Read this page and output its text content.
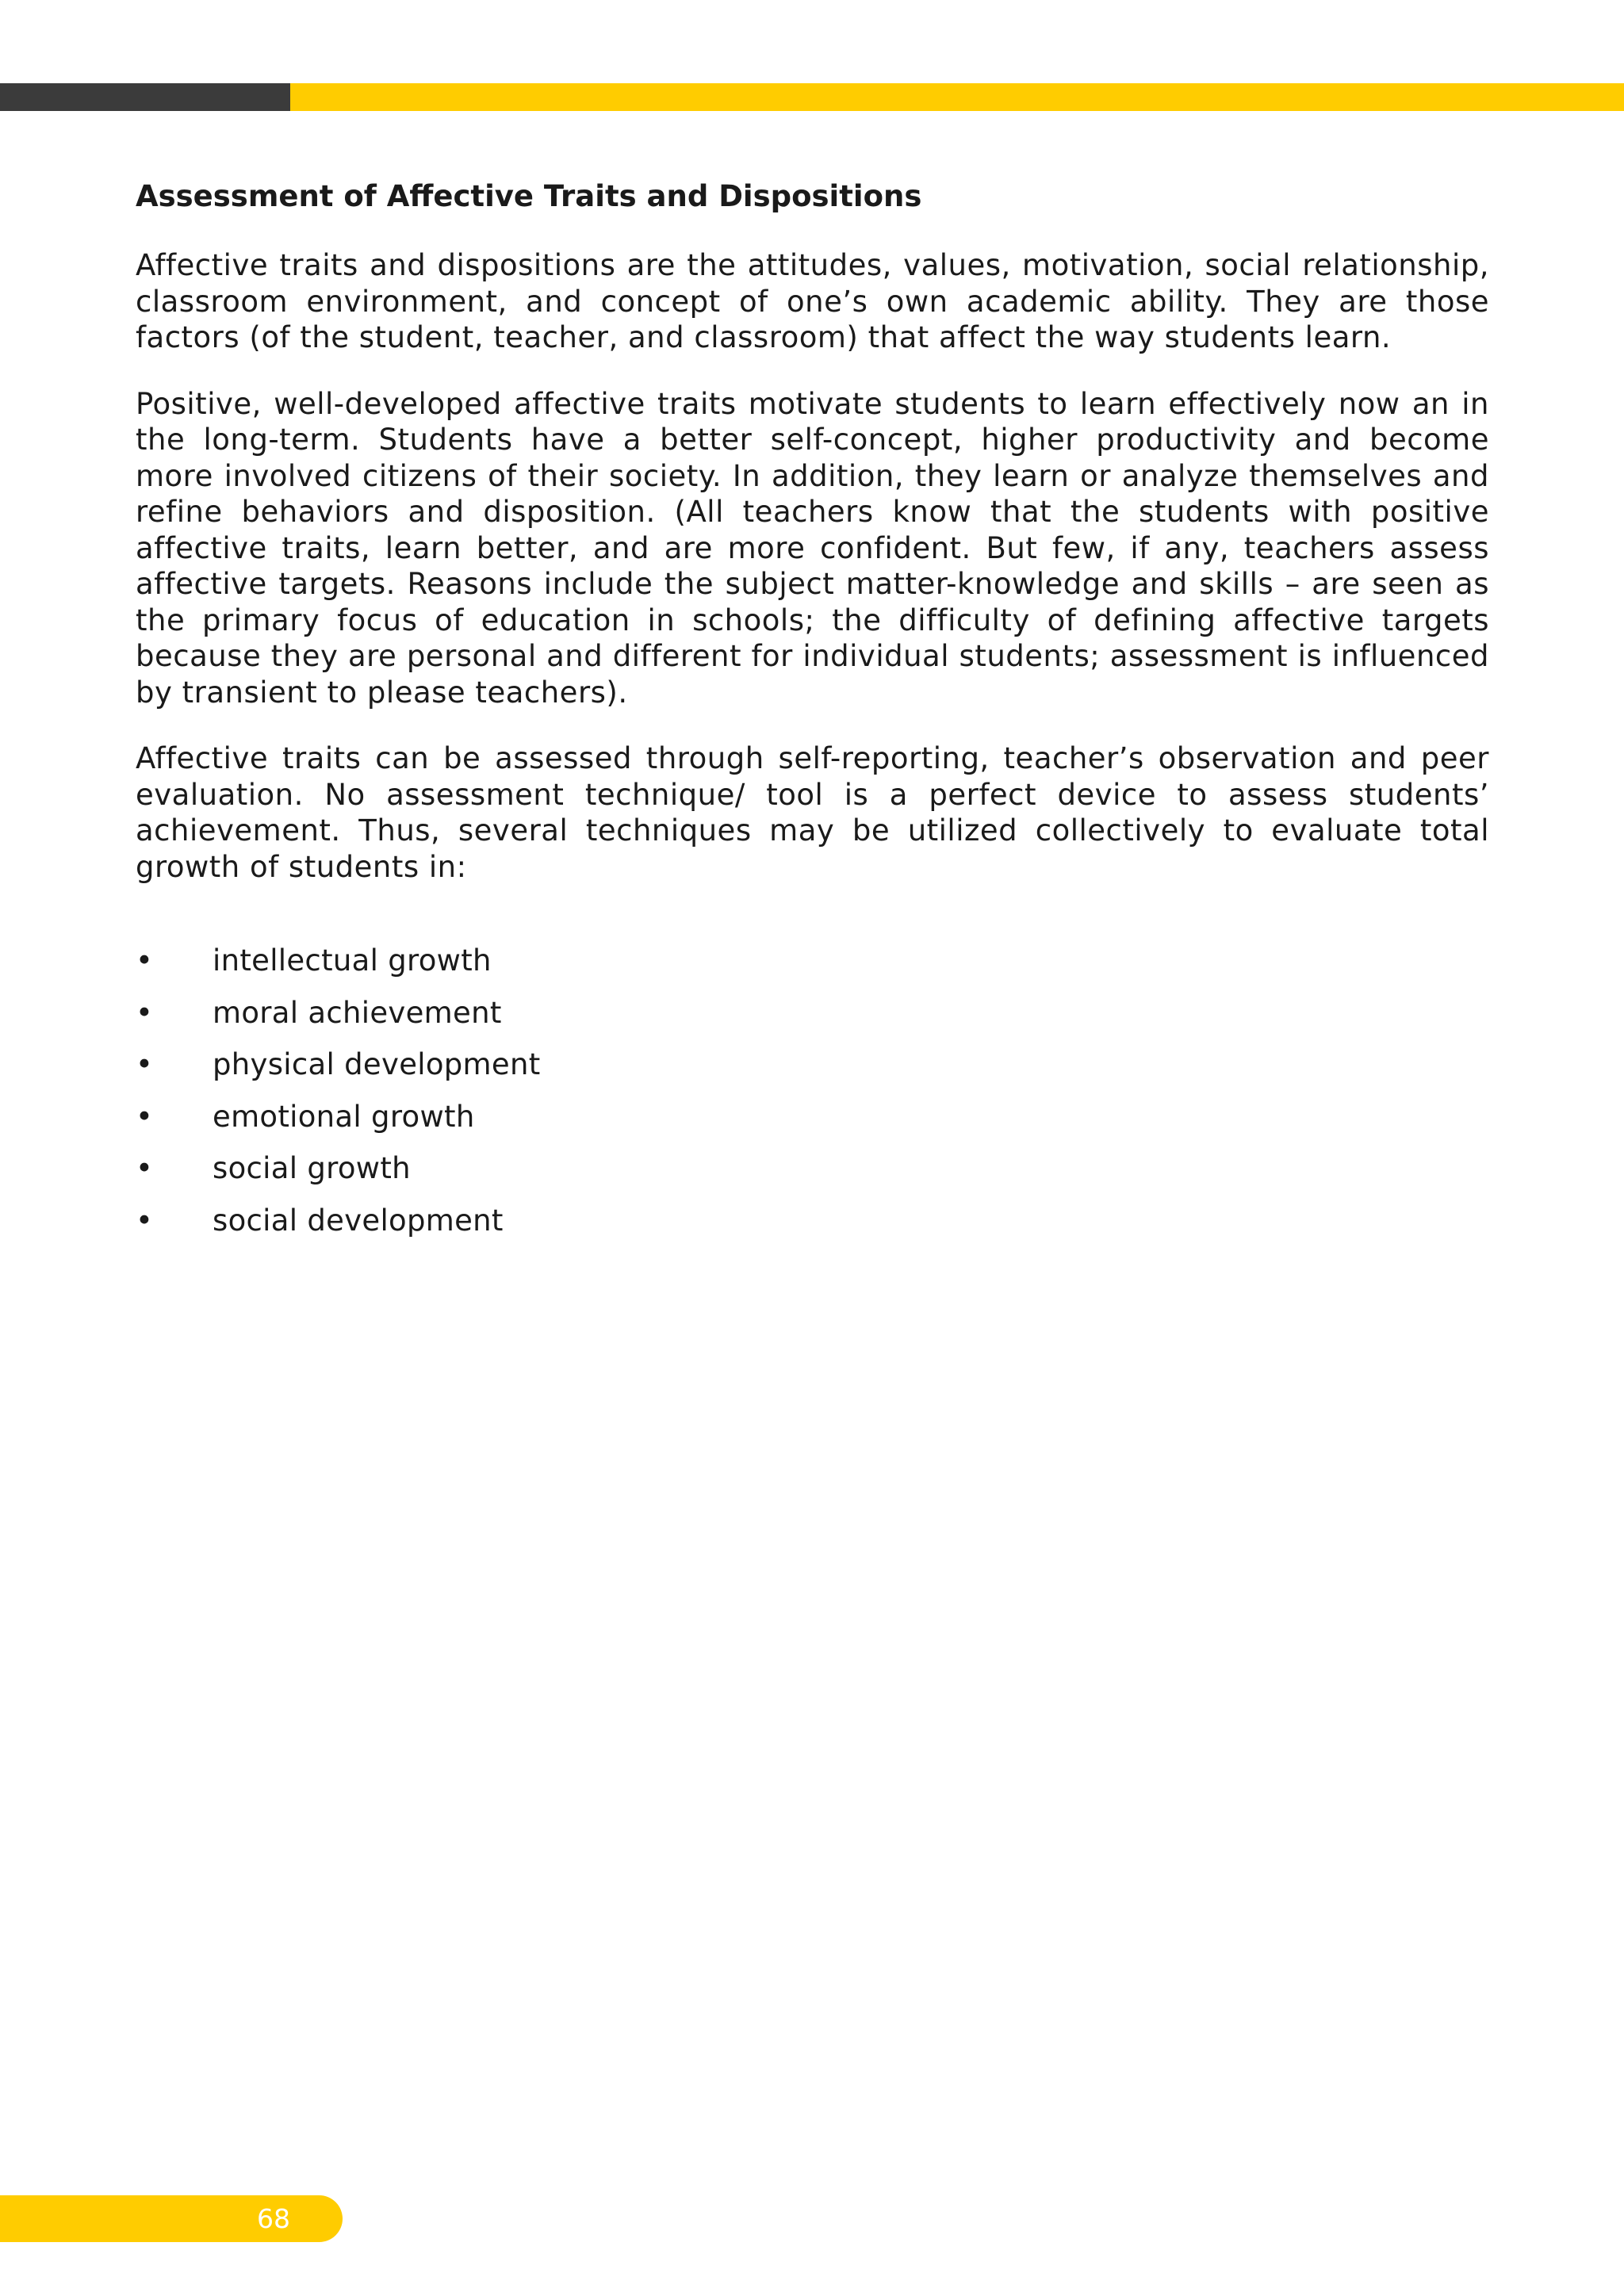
Assessment of Affective Traits and Dispositions

Affective traits and dispositions are the attitudes, values, motivation, social relationship, classroom environment, and concept of one’s own academic ability. They are those factors (of the student, teacher, and classroom) that affect the way students learn.

Positive, well-developed affective traits motivate students to learn effectively now an in the long-term. Students have a better self-concept, higher productivity and become more involved citizens of their society. In addition, they learn or analyze themselves and refine behaviors and disposition. (All teachers know that the students with positive affective traits, learn better, and are more confident. But few, if any, teachers assess affective targets. Reasons include the subject matter-knowledge and skills – are seen as the primary focus of education in schools; the difficulty of defining affective targets because they are personal and different for individual students; assessment is influenced by transient to please teachers).

Affective traits can be assessed through self-reporting, teacher’s observation and peer evaluation. No assessment technique/ tool is a perfect device to assess students’ achievement. Thus, several techniques may be utilized collectively to evaluate total growth of students in:

•	intellectual growth
•	moral achievement
•	physical development
•	emotional growth
•	social growth
•	social development
68
